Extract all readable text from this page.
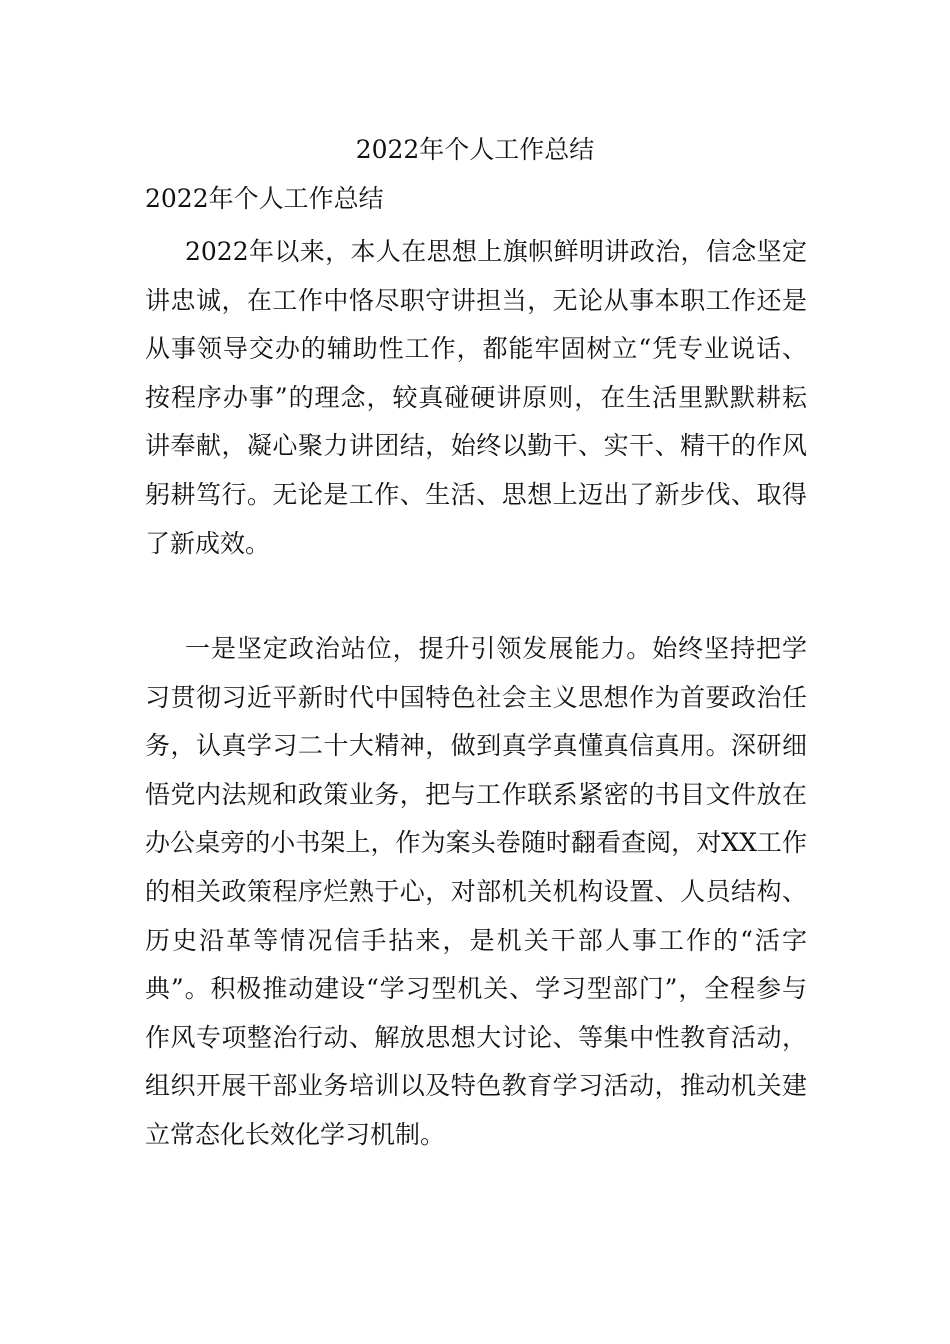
2022年个人工作总结

2022年个人工作总结

2022年以来，本人在思想上旗帜鲜明讲政治，信念坚定讲忠诚，在工作中恪尽职守讲担当，无论从事本职工作还是从事领导交办的辅助性工作，都能牢固树立“凭专业说话、按程序办事”的理念，较真碰硬讲原则，在生活里默默耕耘讲奉献，凝心聚力讲团结，始终以勤干、实干、精干的作风躬耕笃行。无论是工作、生活、思想上迈出了新步伐、取得了新成效。

一是坚定政治站位，提升引领发展能力。始终坚持把学习贯彻习近平新时代中国特色社会主义思想作为首要政治任务，认真学习二十大精神，做到真学真懂真信真用。深研细悟党内法规和政策业务，把与工作联系紧密的书目文件放在办公桌旁的小书架上，作为案头卷随时翻看查阅，对XX工作的相关政策程序烂熟于心，对部机关机构设置、人员结构、历史沿革等情况信手拈来，是机关干部人事工作的“活字典”。积极推动建设“学习型机关、学习型部门”，全程参与作风专项整治行动、解放思想大讨论、等集中性教育活动，组织开展干部业务培训以及特色教育学习活动，推动机关建立常态化长效化学习机制。
